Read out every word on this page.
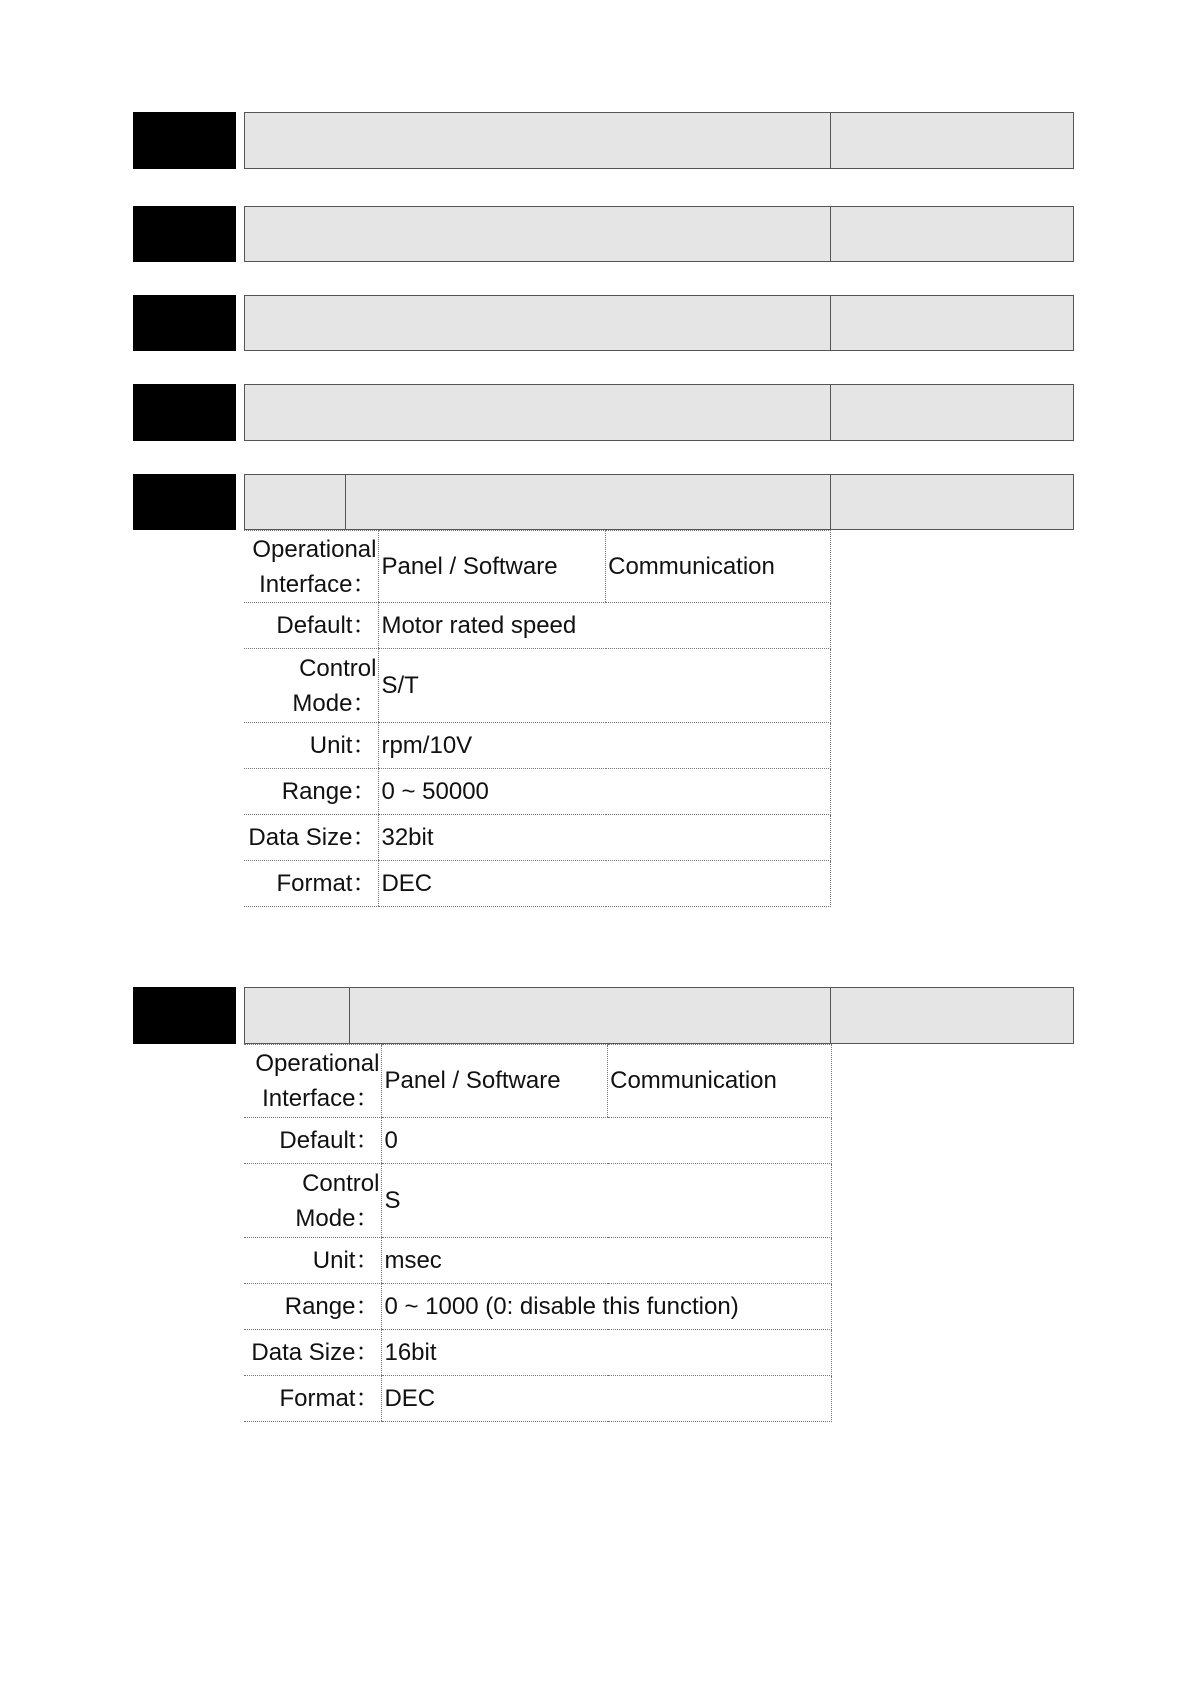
Operational Interface：	Panel / Software	Communication
Default：	Motor rated speed	
Control Mode：	S/T	
Unit：	rpm/10V	
Range：	0 ~ 50000	
Data Size：	32bit	
Format：	DEC	
Operational Interface：	Panel / Software	Communication
Default：	0	
Control Mode：	S	
Unit：	msec	
Range：	0 ~ 1000 (0: disable this function)	
Data Size：	16bit	
Format：	DEC	
